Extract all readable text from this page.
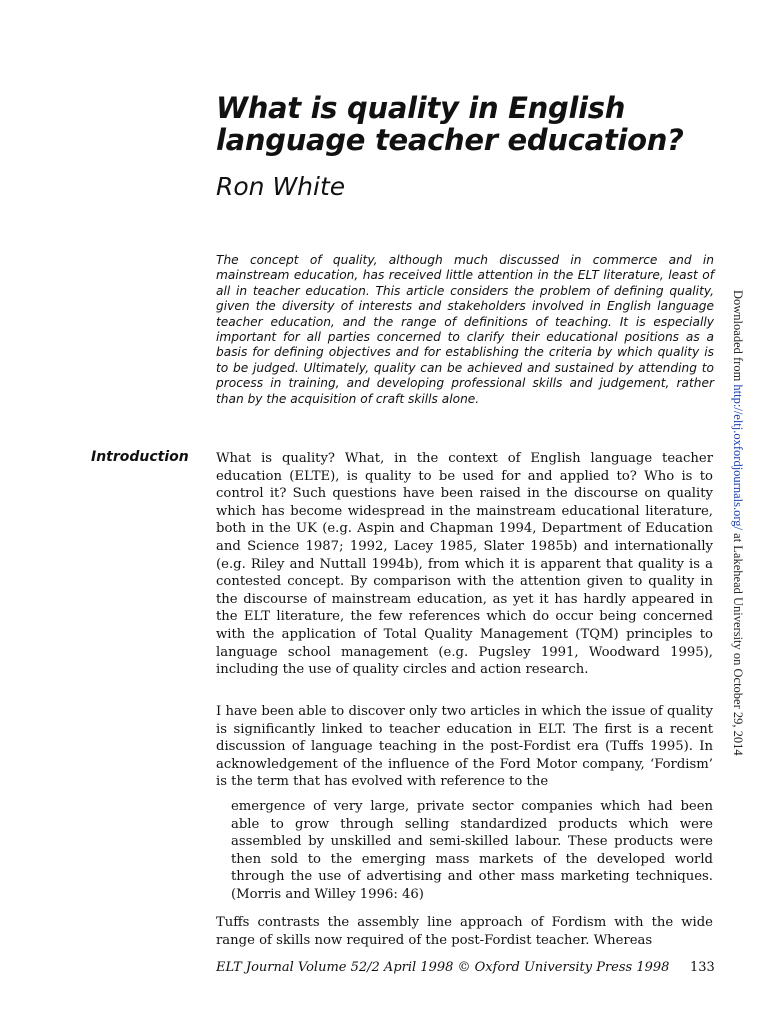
What is quality in English language teacher education?
Ron White
The concept of quality, although much discussed in commerce and in mainstream education, has received little attention in the ELT literature, least of all in teacher education. This article considers the problem of defining quality, given the diversity of interests and stakeholders involved in English language teacher education, and the range of definitions of teaching. It is especially important for all parties concerned to clarify their educational positions as a basis for defining objectives and for establishing the criteria by which quality is to be judged. Ultimately, quality can be achieved and sustained by attending to process in training, and developing professional skills and judgement, rather than by the acquisition of craft skills alone.
Introduction What is quality? What, in the context of English language teacher education (ELTE), is quality to be used for and applied to? Who is to control it? Such questions have been raised in the discourse on quality which has become widespread in the mainstream educational literature, both in the UK (e.g. Aspin and Chapman 1994, Department of Education and Science 1987; 1992, Lacey 1985, Slater 1985b) and internationally (e.g. Riley and Nuttall 1994b), from which it is apparent that quality is a contested concept. By comparison with the attention given to quality in the discourse of mainstream education, as yet it has hardly appeared in the ELT literature, the few references which do occur being concerned with the application of Total Quality Management (TQM) principles to language school management (e.g. Pugsley 1991, Woodward 1995), including the use of quality circles and action research.

I have been able to discover only two articles in which the issue of quality is significantly linked to teacher education in ELT. The first is a recent discussion of language teaching in the post-Fordist era (Tuffs 1995). In acknowledgement of the influence of the Ford Motor company, ‘Fordism’ is the term that has evolved with reference to the

emergence of very large, private sector companies which had been able to grow through selling standardized products which were assembled by unskilled and semi-skilled labour. These products were then sold to the emerging mass markets of the developed world through the use of advertising and other mass marketing techniques. (Morris and Willey 1996: 46)

Tuffs contrasts the assembly line approach of Fordism with the wide range of skills now required of the post-Fordist teacher. Whereas

ELT Journal Volume 52/2 April 1998 © Oxford University Press 1998	133
Downloaded from http://eltj.oxfordjournals.org/ at Lakehead University on October 29, 2014
